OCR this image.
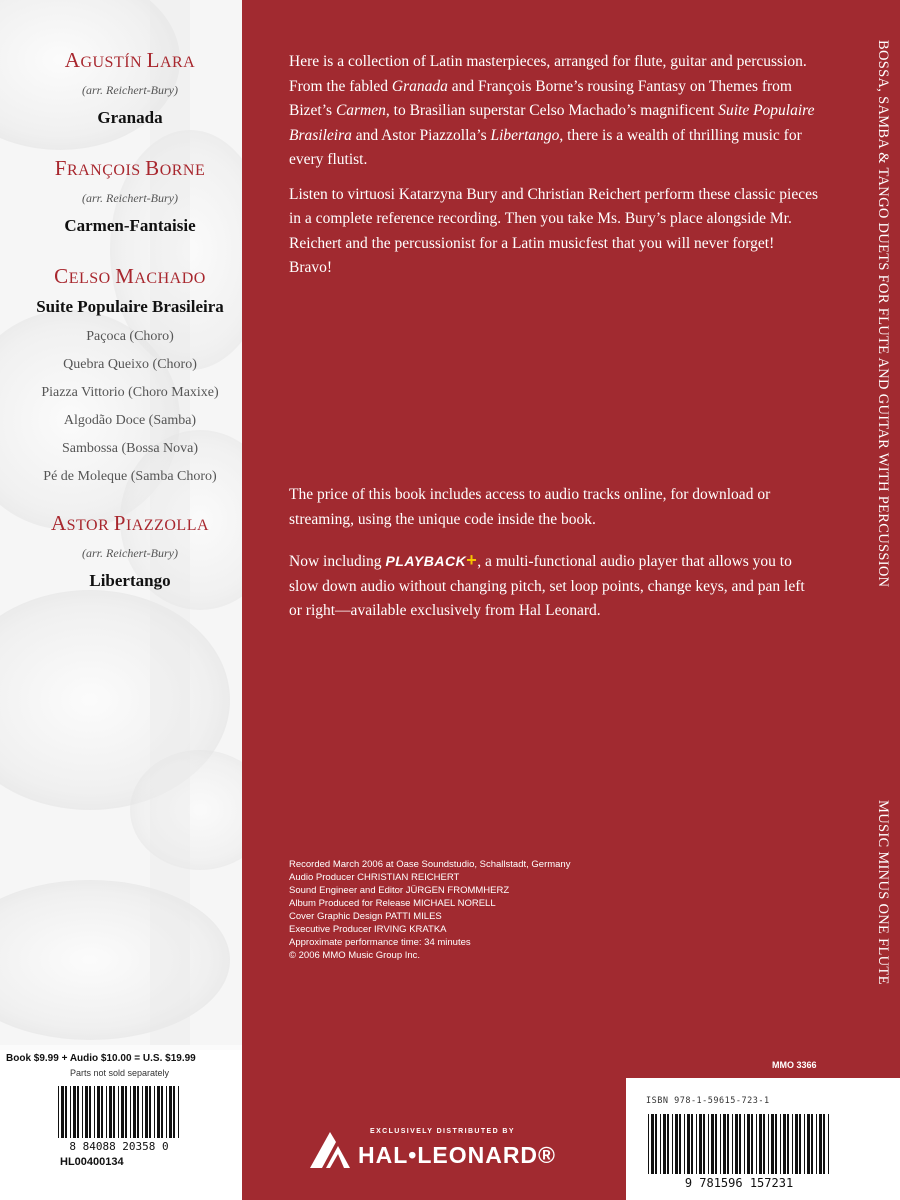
AGUSTÍN LARA
(arr. Reichert-Bury)
Granada
FRANÇOIS BORNE
(arr. Reichert-Bury)
Carmen-Fantaisie
CELSO MACHADO
Suite Populaire Brasileira
Paçoca (Choro)
Quebra Queixo (Choro)
Piazza Vittorio (Choro Maxixe)
Algodão Doce (Samba)
Sambossa (Bossa Nova)
Pé de Moleque (Samba Choro)
ASTOR PIAZZOLLA
(arr. Reichert-Bury)
Libertango
Book $9.99 + Audio $10.00 = U.S. $19.99
Parts not sold separately
8 84088 20358 0
HL00400134

Here is a collection of Latin masterpieces, arranged for flute, guitar and percussion. From the fabled Granada and François Borne’s rousing Fantasy on Themes from Bizet’s Carmen, to Brasilian superstar Celso Machado’s magnificent Suite Populaire Brasileira and Astor Piazzolla’s Libertango, there is a wealth of thrilling music for every flutist.

Listen to virtuosi Katarzyna Bury and Christian Reichert perform these classic pieces in a complete reference recording. Then you take Ms. Bury’s place alongside Mr. Reichert and the percussionist for a Latin musicfest that you will never forget! Bravo!

The price of this book includes access to audio tracks online, for download or streaming, using the unique code inside the book.

Now including PLAYBACK+, a multi-functional audio player that allows you to slow down audio without changing pitch, set loop points, change keys, and pan left or right—available exclusively from Hal Leonard.

Recorded March 2006 at Oase Soundstudio, Schallstadt, Germany
Audio Producer CHRISTIAN REICHERT
Sound Engineer and Editor JÜRGEN FROMMHERZ
Album Produced for Release MICHAEL NORELL
Cover Graphic Design PATTI MILES
Executive Producer IRVING KRATKA
Approximate performance time: 34 minutes
© 2006 MMO Music Group Inc.
BOSSA, SAMBA & TANGO DUETS FOR FLUTE AND GUITAR WITH PERCUSSION
MUSIC MINUS ONE FLUTE
MMO 3366
ISBN 978-1-59615-723-1
9 781596 157231
EXCLUSIVELY DISTRIBUTED BY
HAL•LEONARD®
